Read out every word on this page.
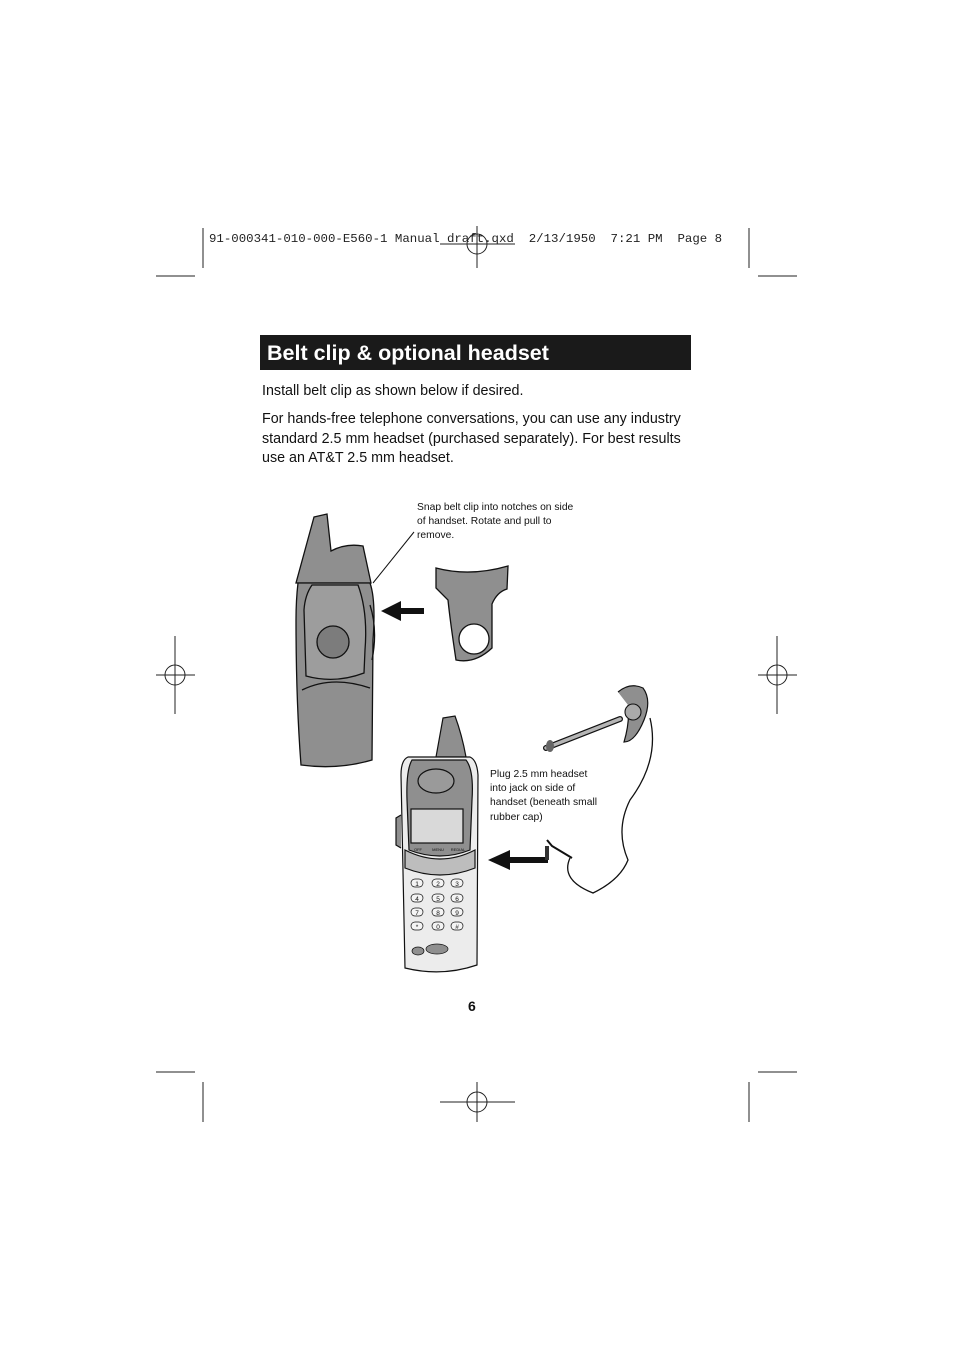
91-000341-010-000-E560-1 Manual draft.qxd  2/13/1950  7:21 PM  Page 8
Belt clip & optional headset
Install belt clip as shown below if desired.
For hands-free telephone conversations, you can use any industry standard 2.5 mm headset (purchased separately). For best results use an AT&T 2.5 mm headset.
OFF	MENU REDIAL
1	2 3
4	5 6
7	8 9
*	0 #
Snap belt clip into notches on side of handset. Rotate and pull to remove.
Plug 2.5 mm headset into jack on side of handset (beneath small rubber cap)
6
